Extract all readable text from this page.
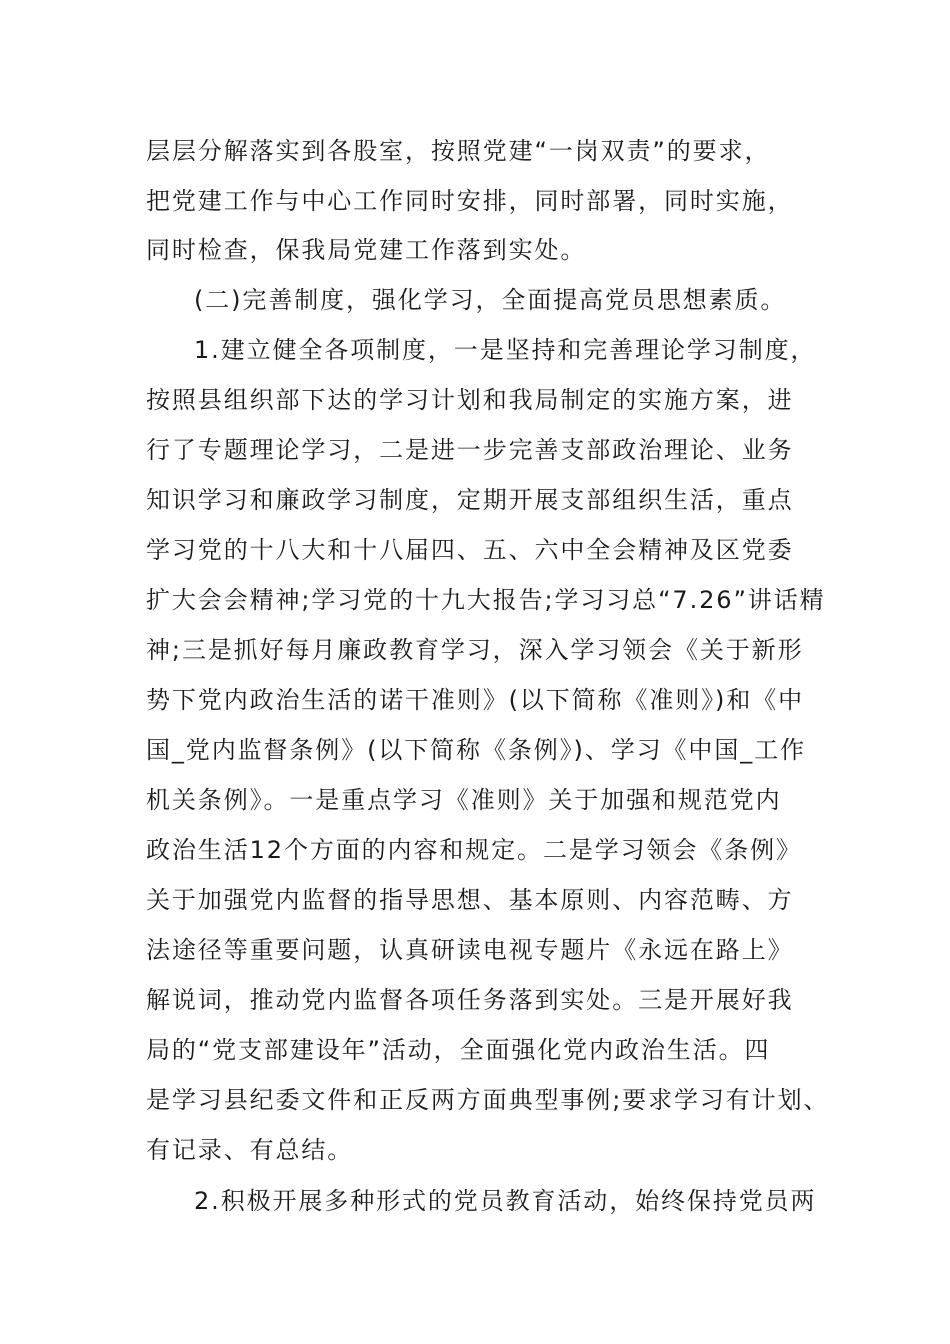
层层分解落实到各股室，按照党建“一岗双责”的要求，

把党建工作与中心工作同时安排，同时部署，同时实施，

同时检查，保我局党建工作落到实处。

(二)完善制度，强化学习，全面提高党员思想素质。

1.建立健全各项制度，一是坚持和完善理论学习制度，

按照县组织部下达的学习计划和我局制定的实施方案，进

行了专题理论学习，二是进一步完善支部政治理论、业务

知识学习和廉政学习制度，定期开展支部组织生活，重点

学习党的十八大和十八届四、五、六中全会精神及区党委

扩大会会精神;学习党的十九大报告;学习习总“7.26”讲话精

神;三是抓好每月廉政教育学习，深入学习领会《关于新形

势下党内政治生活的诺干准则》(以下简称《准则》)和《中

国_党内监督条例》(以下简称《条例》)、学习《中国_工作

机关条例》。一是重点学习《准则》关于加强和规范党内

政治生活12个方面的内容和规定。二是学习领会《条例》

关于加强党内监督的指导思想、基本原则、内容范畴、方

法途径等重要问题，认真研读电视专题片《永远在路上》

解说词，推动党内监督各项任务落到实处。三是开展好我

局的“党支部建设年”活动，全面强化党内政治生活。四

是学习县纪委文件和正反两方面典型事例;要求学习有计划、

有记录、有总结。

2.积极开展多种形式的党员教育活动，始终保持党员两
